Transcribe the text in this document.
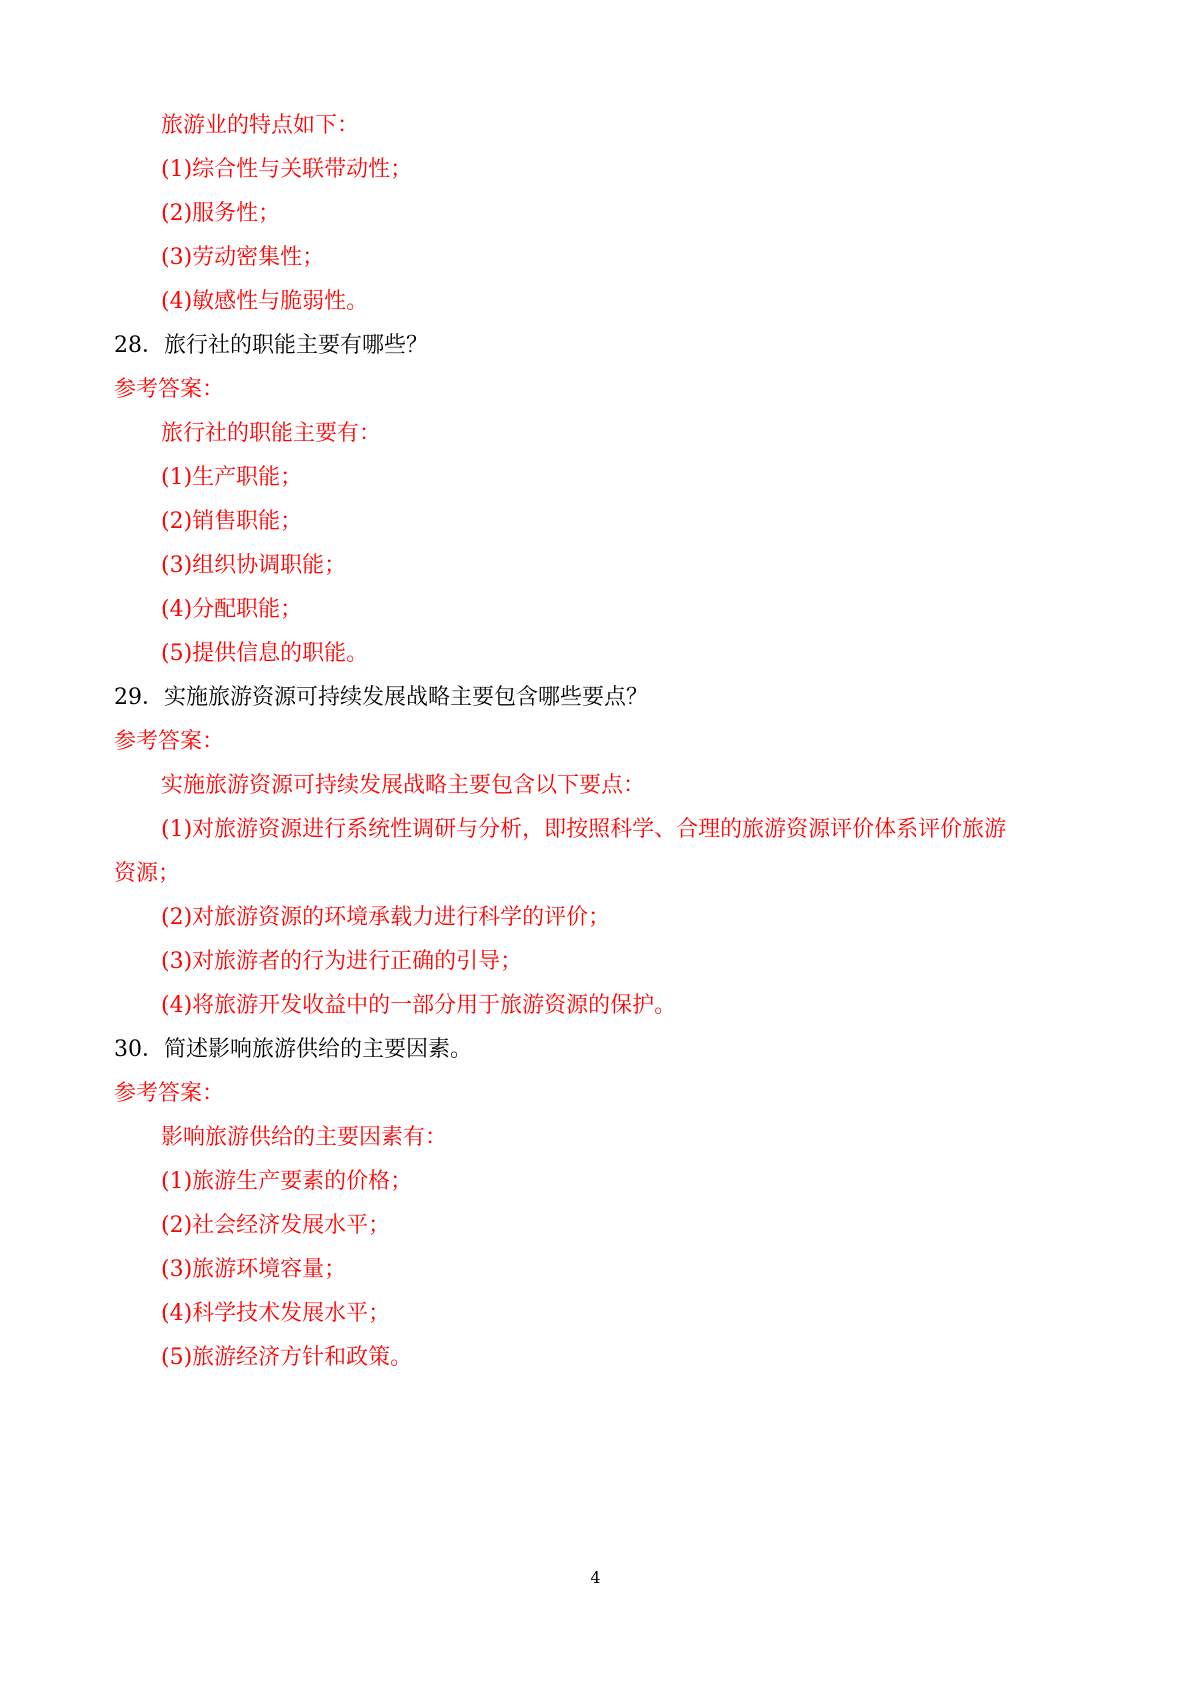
旅游业的特点如下：

(1)综合性与关联带动性；

(2)服务性；

(3)劳动密集性；

(4)敏感性与脆弱性。

28．旅行社的职能主要有哪些？

参考答案：

旅行社的职能主要有：

(1)生产职能；

(2)销售职能；

(3)组织协调职能；

(4)分配职能；

(5)提供信息的职能。

29．实施旅游资源可持续发展战略主要包含哪些要点？

参考答案：

实施旅游资源可持续发展战略主要包含以下要点：

(1)对旅游资源进行系统性调研与分析，即按照科学、合理的旅游资源评价体系评价旅游

资源；

(2)对旅游资源的环境承载力进行科学的评价；

(3)对旅游者的行为进行正确的引导；

(4)将旅游开发收益中的一部分用于旅游资源的保护。

30．简述影响旅游供给的主要因素。

参考答案：

影响旅游供给的主要因素有：

(1)旅游生产要素的价格；

(2)社会经济发展水平；

(3)旅游环境容量；

(4)科学技术发展水平；

(5)旅游经济方针和政策。

4
